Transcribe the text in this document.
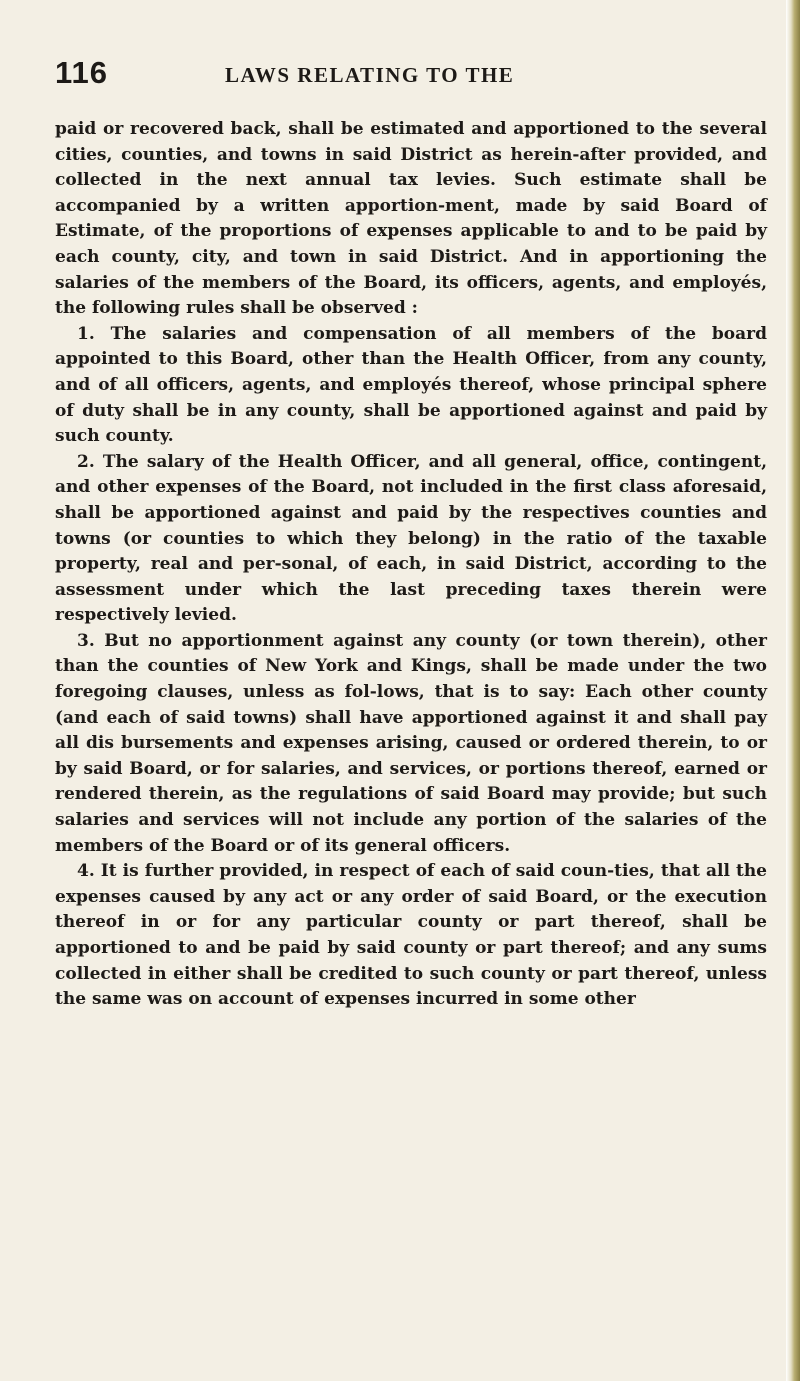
116	LAWS RELATING TO THE

paid or recovered back, shall be estimated and apportioned to the several cities, counties, and towns in said District as herein-after provided, and collected in the next annual tax levies. Such estimate shall be accompanied by a written apportion-ment, made by said Board of Estimate, of the proportions of expenses applicable to and to be paid by each county, city, and town in said District. And in apportioning the salaries of the members of the Board, its officers, agents, and employés, the following rules shall be observed :

1. The salaries and compensation of all members of the board appointed to this Board, other than the Health Officer, from any county, and of all officers, agents, and employés thereof, whose principal sphere of duty shall be in any county, shall be apportioned against and paid by such county.

2. The salary of the Health Officer, and all general, office, contingent, and other expenses of the Board, not included in the first class aforesaid, shall be apportioned against and paid by the respectives counties and towns (or counties to which they belong) in the ratio of the taxable property, real and per-sonal, of each, in said District, according to the assessment under which the last preceding taxes therein were respectively levied.

3. But no apportionment against any county (or town therein), other than the counties of New York and Kings, shall be made under the two foregoing clauses, unless as fol-lows, that is to say: Each other county (and each of said towns) shall have apportioned against it and shall pay all dis bursements and expenses arising, caused or ordered therein, to or by said Board, or for salaries, and services, or portions thereof, earned or rendered therein, as the regulations of said Board may provide; but such salaries and services will not include any portion of the salaries of the members of the Board or of its general officers.

4. It is further provided, in respect of each of said coun-ties, that all the expenses caused by any act or any order of said Board, or the execution thereof in or for any particular county or part thereof, shall be apportioned to and be paid by said county or part thereof; and any sums collected in either shall be credited to such county or part thereof, unless the same was on account of expenses incurred in some other
